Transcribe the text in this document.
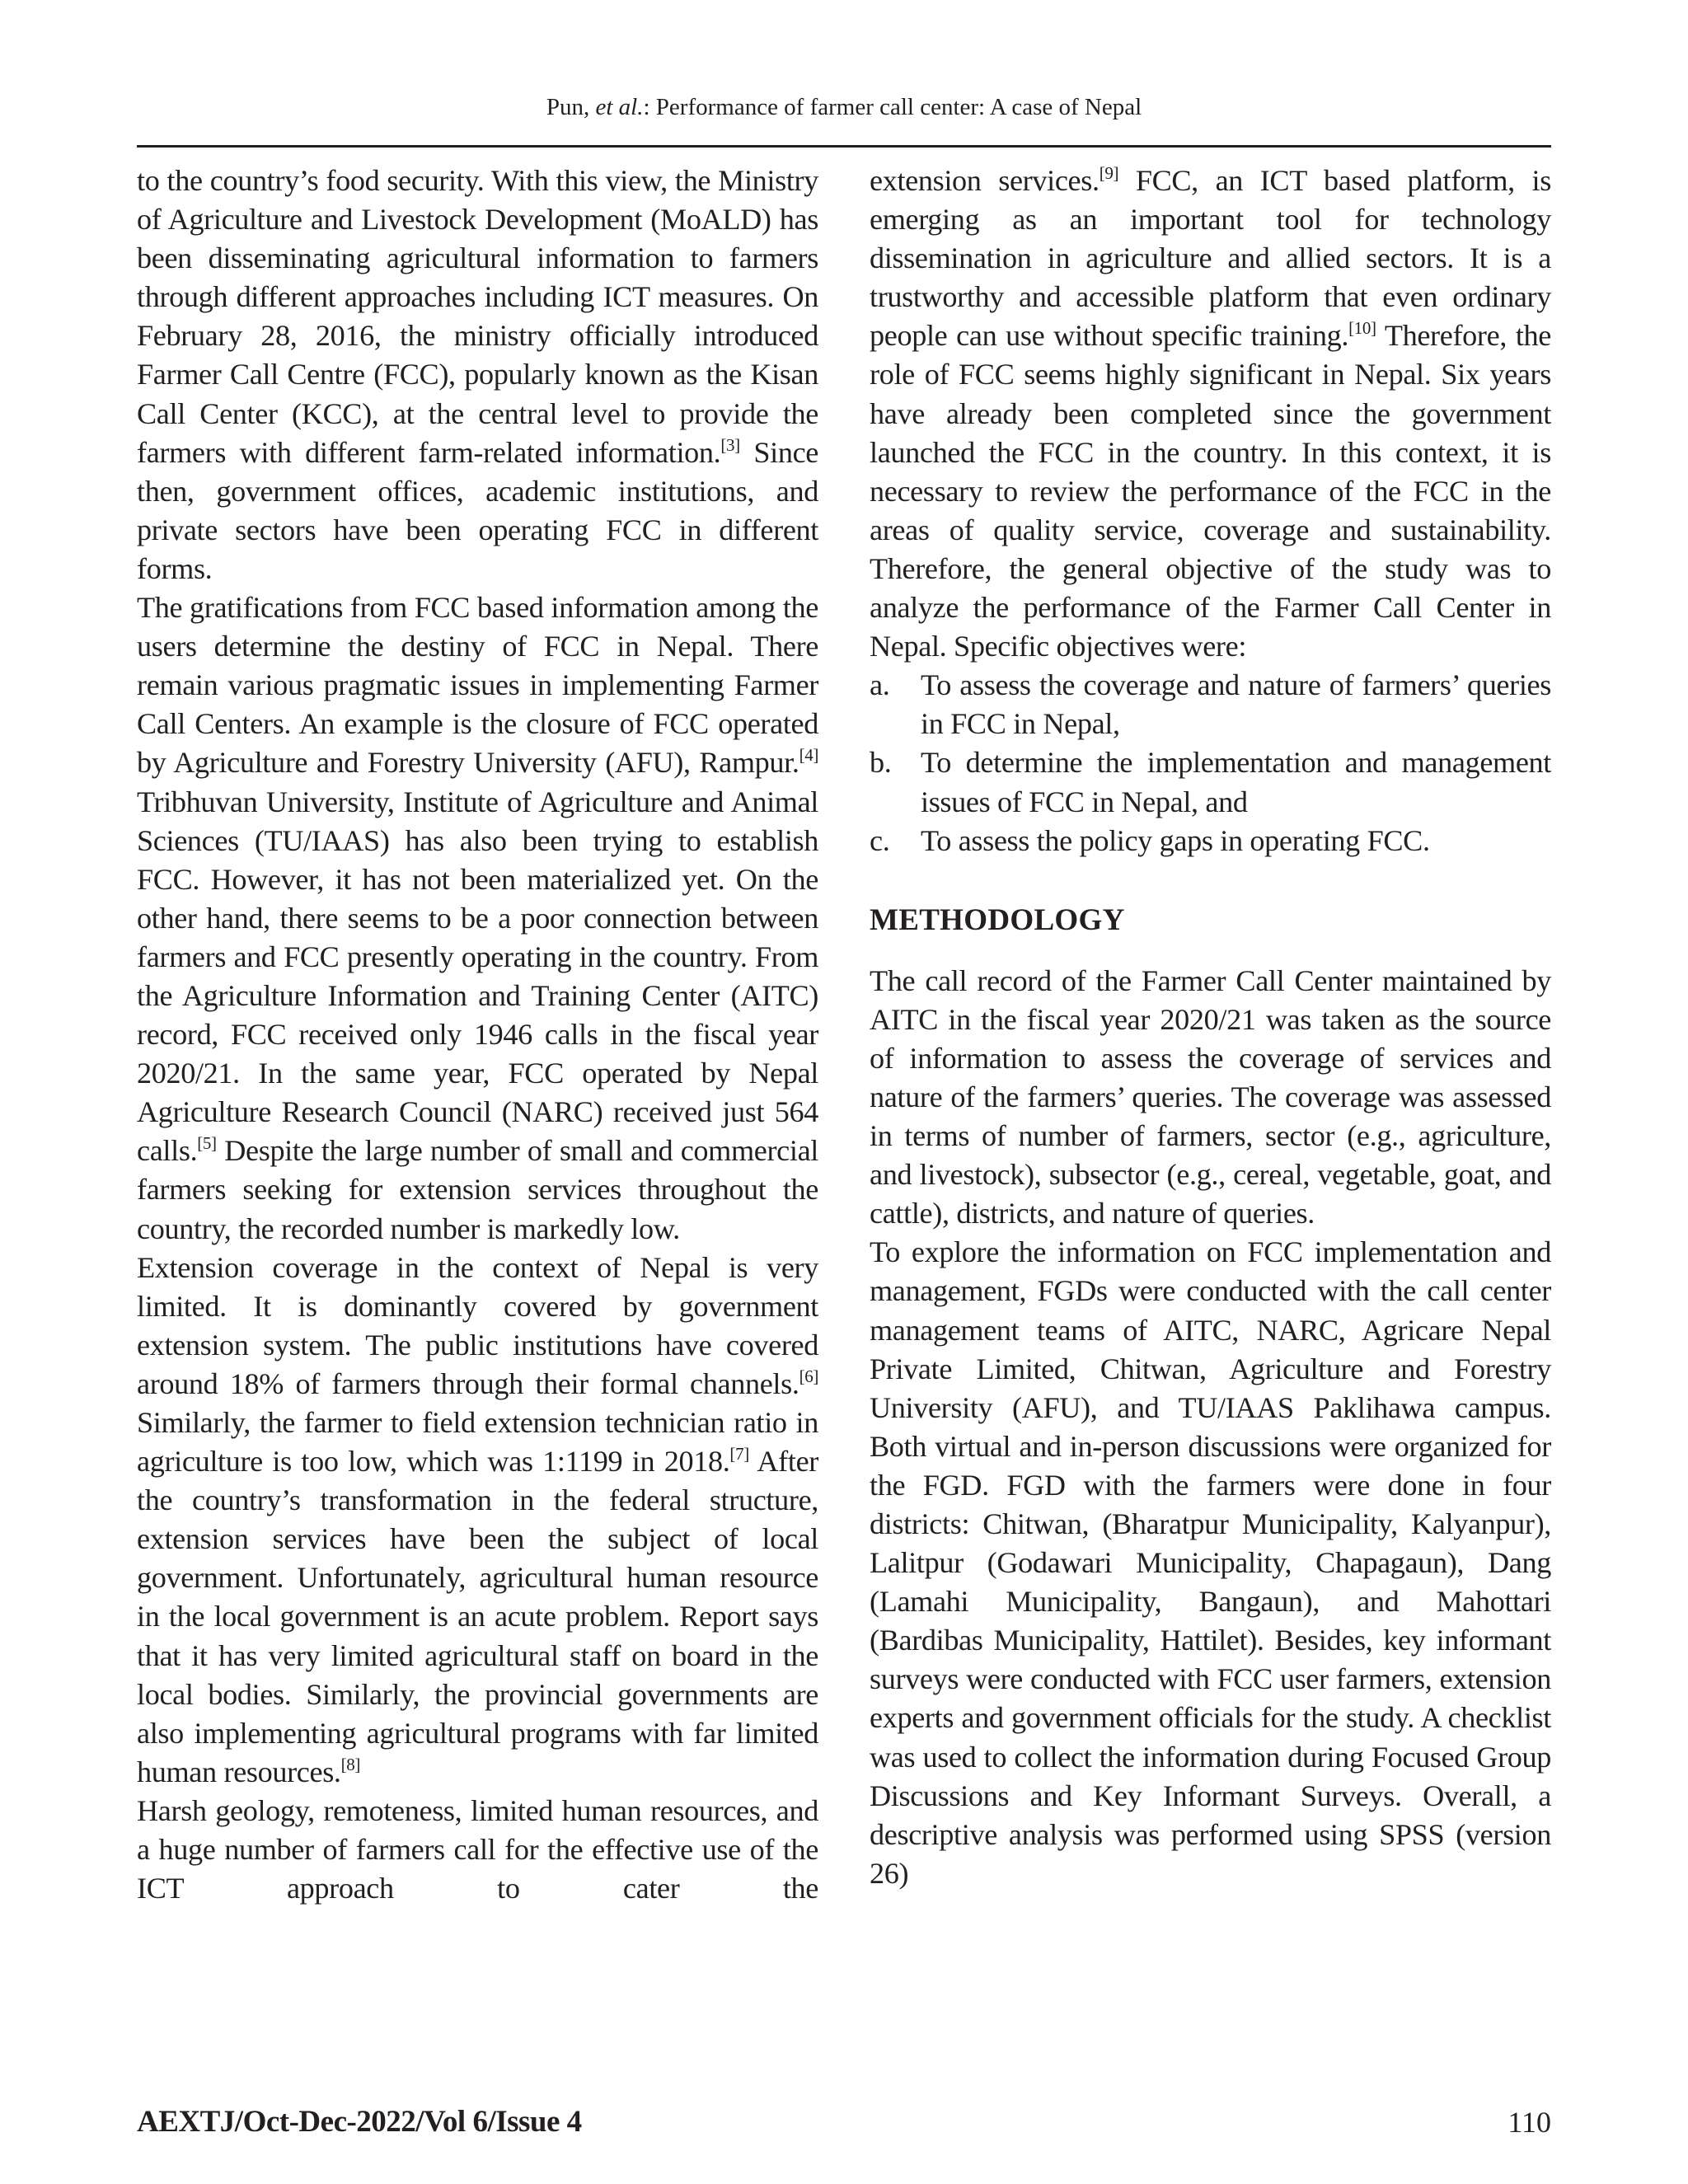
Pun, et al.: Performance of farmer call center: A case of Nepal

to the country’s food security. With this view, the Ministry of Agriculture and Livestock Development (MoALD) has been disseminating agricultural information to farmers through different approaches including ICT measures. On February 28, 2016, the ministry officially introduced Farmer Call Centre (FCC), popularly known as the Kisan Call Center (KCC), at the central level to provide the farmers with different farm-related information.[3] Since then, government offices, academic institutions, and private sectors have been operating FCC in different forms.

The gratifications from FCC based information among the users determine the destiny of FCC in Nepal. There remain various pragmatic issues in implementing Farmer Call Centers. An example is the closure of FCC operated by Agriculture and Forestry University (AFU), Rampur.[4] Tribhuvan University, Institute of Agriculture and Animal Sciences (TU/IAAS) has also been trying to establish FCC. However, it has not been materialized yet. On the other hand, there seems to be a poor connection between farmers and FCC presently operating in the country. From the Agriculture Information and Training Center (AITC) record, FCC received only 1946 calls in the fiscal year 2020/21. In the same year, FCC operated by Nepal Agriculture Research Council (NARC) received just 564 calls.[5] Despite the large number of small and commercial farmers seeking for extension services throughout the country, the recorded number is markedly low.

Extension coverage in the context of Nepal is very limited. It is dominantly covered by government extension system. The public institutions have covered around 18% of farmers through their formal channels.[6] Similarly, the farmer to field extension technician ratio in agriculture is too low, which was 1:1199 in 2018.[7] After the country’s transformation in the federal structure, extension services have been the subject of local government. Unfortunately, agricultural human resource in the local government is an acute problem. Report says that it has very limited agricultural staff on board in the local bodies. Similarly, the provincial governments are also implementing agricultural programs with far limited human resources.[8]

Harsh geology, remoteness, limited human resources, and a huge number of farmers call for the effective use of the ICT approach to cater the

extension services.[9] FCC, an ICT based platform, is emerging as an important tool for technology dissemination in agriculture and allied sectors. It is a trustworthy and accessible platform that even ordinary people can use without specific training.[10] Therefore, the role of FCC seems highly significant in Nepal. Six years have already been completed since the government launched the FCC in the country. In this context, it is necessary to review the performance of the FCC in the areas of quality service, coverage and sustainability. Therefore, the general objective of the study was to analyze the performance of the Farmer Call Center in Nepal. Specific objectives were:

a. To assess the coverage and nature of farmers’ queries in FCC in Nepal,
b. To determine the implementation and management issues of FCC in Nepal, and
c. To assess the policy gaps in operating FCC.
METHODOLOGY

The call record of the Farmer Call Center maintained by AITC in the fiscal year 2020/21 was taken as the source of information to assess the coverage of services and nature of the farmers’ queries. The coverage was assessed in terms of number of farmers, sector (e.g., agriculture, and livestock), subsector (e.g., cereal, vegetable, goat, and cattle), districts, and nature of queries.

To explore the information on FCC implementation and management, FGDs were conducted with the call center management teams of AITC, NARC, Agricare Nepal Private Limited, Chitwan, Agriculture and Forestry University (AFU), and TU/IAAS Paklihawa campus. Both virtual and in-person discussions were organized for the FGD. FGD with the farmers were done in four districts: Chitwan, (Bharatpur Municipality, Kalyanpur), Lalitpur (Godawari Municipality, Chapagaun), Dang (Lamahi Municipality, Bangaun), and Mahottari (Bardibas Municipality, Hattilet). Besides, key informant surveys were conducted with FCC user farmers, extension experts and government officials for the study. A checklist was used to collect the information during Focused Group Discussions and Key Informant Surveys. Overall, a descriptive analysis was performed using SPSS (version 26)

AEXTJ/Oct-Dec-2022/Vol 6/Issue 4	110
